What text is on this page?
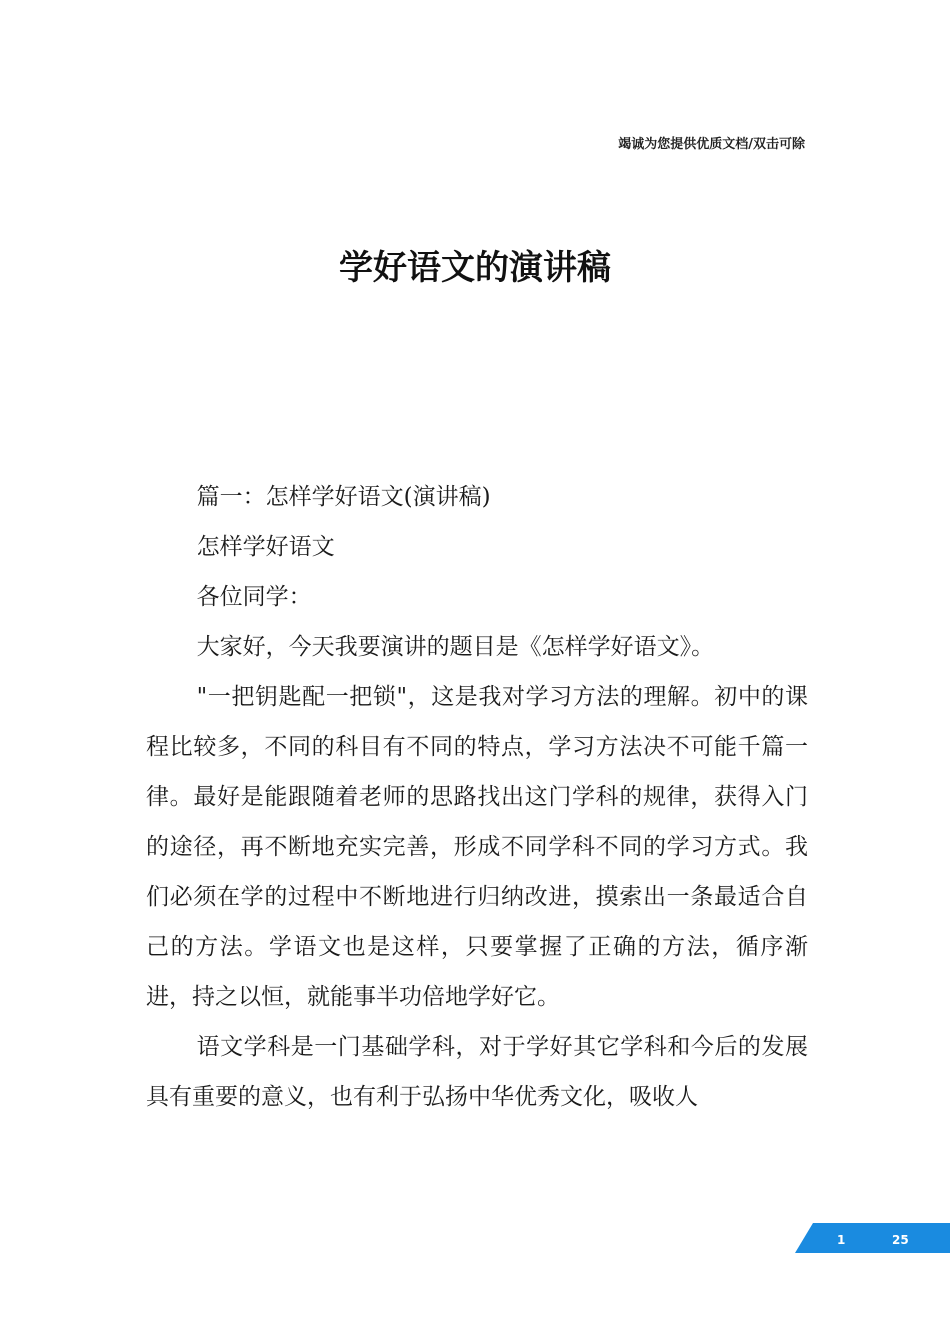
竭诚为您提供优质文档/双击可除
学好语文的演讲稿

篇一：怎样学好语文(演讲稿)

怎样学好语文

各位同学：

大家好，今天我要演讲的题目是《怎样学好语文》。

"一把钥匙配一把锁"，这是我对学习方法的理解。初中的课程比较多，不同的科目有不同的特点，学习方法决不可能千篇一律。最好是能跟随着老师的思路找出这门学科的规律，获得入门的途径，再不断地充实完善，形成不同学科不同的学习方式。我们必须在学的过程中不断地进行归纳改进，摸索出一条最适合自己的方法。学语文也是这样，只要掌握了正确的方法，循序渐进，持之以恒，就能事半功倍地学好它。

语文学科是一门基础学科，对于学好其它学科和今后的发展具有重要的意义，也有利于弘扬中华优秀文化，吸收人

1	25
